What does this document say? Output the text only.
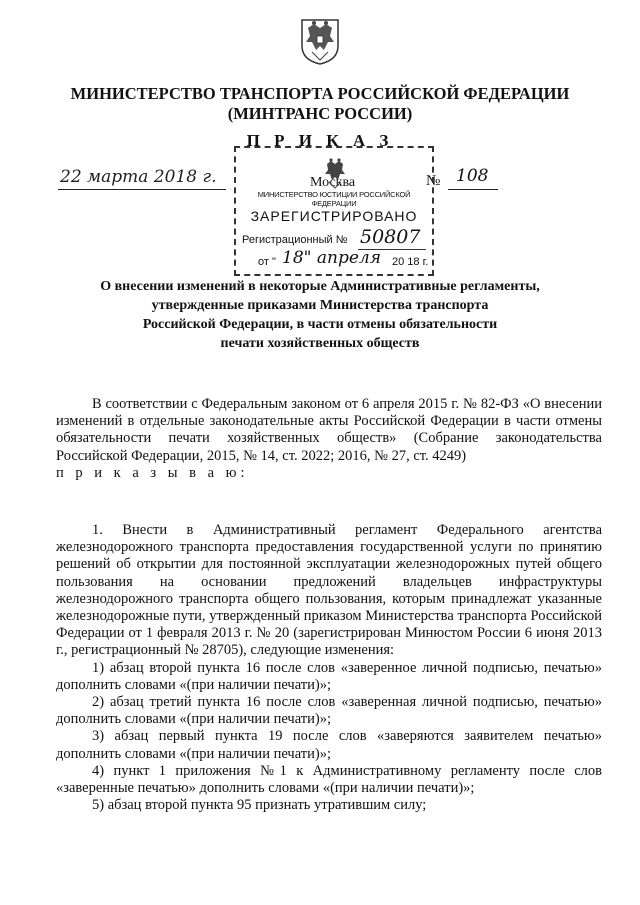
МИНИСТЕРСТВО ТРАНСПОРТА РОССИЙСКОЙ ФЕДЕРАЦИИ
(МИНТРАНС РОССИИ)
П Р И К А З
22 марта 2018 г.	Москва	№ 108
МИНИСТЕРСТВО ЮСТИЦИИ РОССИЙСКОЙ ФЕДЕРАЦИИ
ЗАРЕГИСТРИРОВАНО
Регистрационный № 50807
от " 18" апреля 20 18 г.
О внесении изменений в некоторые Административные регламенты,
утвержденные приказами Министерства транспорта
Российской Федерации, в части отмены обязательности
печати хозяйственных обществ

В соответствии с Федеральным законом от 6 апреля 2015 г. № 82-ФЗ «О внесении изменений в отдельные законодательные акты Российской Федерации в части отмены обязательности печати хозяйственных обществ» (Собрание законодательства Российской Федерации, 2015, № 14, ст. 2022; 2016, № 27, ст. 4249)

п р и к а з ы в а ю:

1. Внести в Административный регламент Федерального агентства железнодорожного транспорта предоставления государственной услуги по принятию решений об открытии для постоянной эксплуатации железнодорожных путей общего пользования на основании предложений владельцев инфраструктуры железнодорожного транспорта общего пользования, которым принадлежат указанные железнодорожные пути, утвержденный приказом Министерства транспорта Российской Федерации от 1 февраля 2013 г. № 20 (зарегистрирован Минюстом России 6 июня 2013 г., регистрационный № 28705), следующие изменения:

1) абзац второй пункта 16 после слов «заверенное личной подписью, печатью» дополнить словами «(при наличии печати)»;

2) абзац третий пункта 16 после слов «заверенная личной подписью, печатью» дополнить словами «(при наличии печати)»;

3) абзац первый пункта 19 после слов «заверяются заявителем печатью» дополнить словами «(при наличии печати)»;

4) пункт 1 приложения №1 к Административному регламенту после слов «заверенные печатью» дополнить словами «(при наличии печати)»;

5) абзац второй пункта 95 признать утратившим силу;
